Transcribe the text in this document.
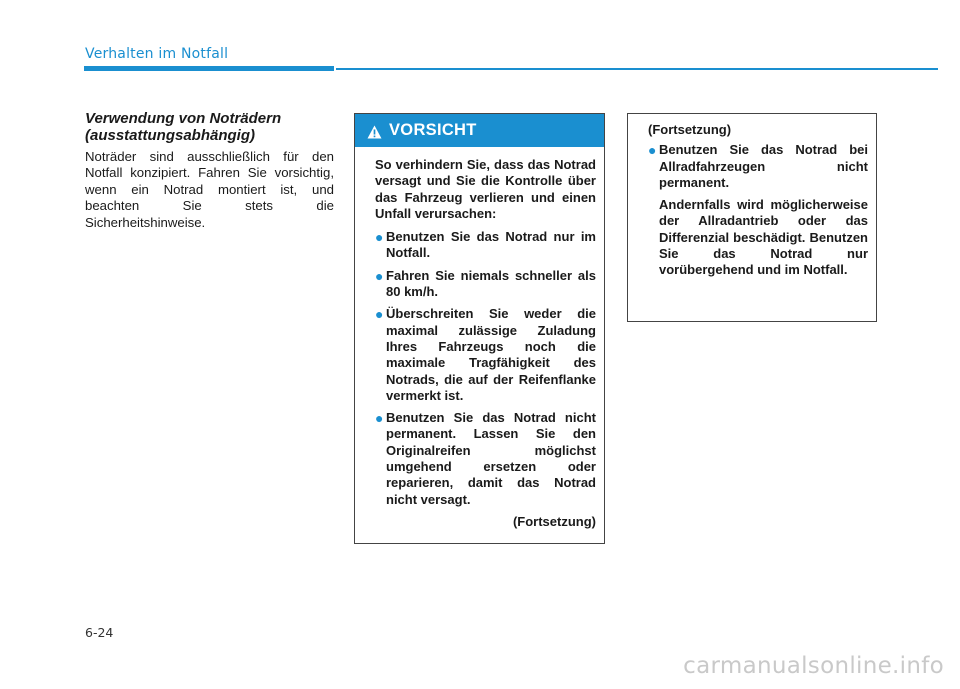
Verhalten im Notfall
Verwendung von Noträdern
(ausstattungsabhängig)
Noträder sind ausschließlich für den Notfall konzipiert. Fahren Sie vorsichtig, wenn ein Notrad montiert ist, und beachten Sie stets die Sicherheitshinweise.
VORSICHT

So verhindern Sie, dass das Notrad versagt und Sie die Kontrolle über das Fahrzeug verlieren und einen Unfall verursachen:

● Benutzen Sie das Notrad nur im Notfall.
● Fahren Sie niemals schneller als 80 km/h.
● Überschreiten Sie weder die maximal zulässige Zuladung Ihres Fahrzeugs noch die maximale Tragfähigkeit des Notrads, die auf der Reifenflanke vermerkt ist.
● Benutzen Sie das Notrad nicht permanent. Lassen Sie den Originalreifen möglichst umgehend ersetzen oder reparieren, damit das Notrad nicht versagt.

(Fortsetzung)

(Fortsetzung)

● Benutzen Sie das Notrad bei Allradfahrzeugen nicht permanent.

Andernfalls wird möglicherweise der Allradantrieb oder das Differenzial beschädigt. Benutzen Sie das Notrad nur vorübergehend und im Notfall.

6-24
carmanualsonline.info
